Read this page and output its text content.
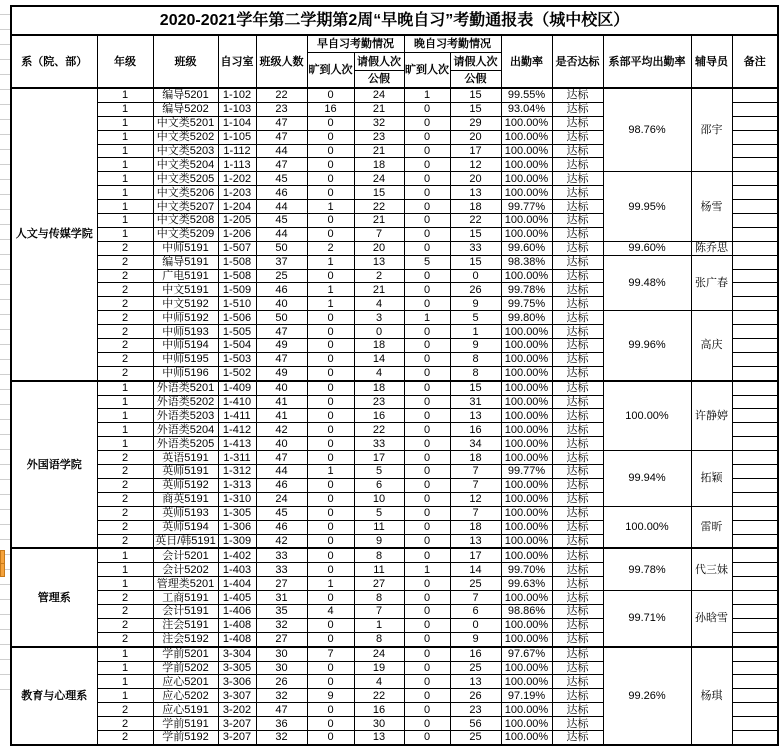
2020-2021学年第二学期第2周“早晚自习”考勤通报表（城中校区）													
系（院、部）	年级	班级	自习室	班级人数	早自习考勤情况		晚自习考勤情况		出勤率	是否达标	系部平均出勤率	辅导员	备注
					旷到人次	请假人次	旷到人次	请假人次					
						公假		公假					
人文与传媒学院	1	编导5201	1-102	22	0	24	1	15	99.55%	达标	98.76%	邵宇	
	1	编导5202	1-103	23	16	21	0	15	93.04%	达标			
	1	中文类5201	1-104	47	0	32	0	29	100.00%	达标			
	1	中文类5202	1-105	47	0	23	0	20	100.00%	达标			
	1	中文类5203	1-112	44	0	21	0	17	100.00%	达标			
	1	中文类5204	1-113	47	0	18	0	12	100.00%	达标			
	1	中文类5205	1-202	45	0	24	0	20	100.00%	达标	99.95%	杨雪	
	1	中文类5206	1-203	46	0	15	0	13	100.00%	达标			
	1	中文类5207	1-204	44	1	22	0	18	99.77%	达标			
	1	中文类5208	1-205	45	0	21	0	22	100.00%	达标			
	1	中文类5209	1-206	44	0	7	0	15	100.00%	达标			
	2	中师5191	1-507	50	2	20	0	33	99.60%	达标	99.60%	陈乔思	
	2	编导5191	1-508	37	1	13	5	15	98.38%	达标	99.48%	张广春	
	2	广电5191	1-508	25	0	2	0	0	100.00%	达标			
	2	中文5191	1-509	46	1	21	0	26	99.78%	达标			
	2	中文5192	1-510	40	1	4	0	9	99.75%	达标			
	2	中师5192	1-506	50	0	3	1	5	99.80%	达标	99.96%	高庆	
	2	中师5193	1-505	47	0	0	0	1	100.00%	达标			
	2	中师5194	1-504	49	0	18	0	9	100.00%	达标			
	2	中师5195	1-503	47	0	14	0	8	100.00%	达标			
	2	中师5196	1-502	49	0	4	0	8	100.00%	达标			
外国语学院	1	外语类5201	1-409	40	0	18	0	15	100.00%	达标	100.00%	许静婷	
	1	外语类5202	1-410	41	0	23	0	31	100.00%	达标			
	1	外语类5203	1-411	41	0	16	0	13	100.00%	达标			
	1	外语类5204	1-412	42	0	22	0	16	100.00%	达标			
	1	外语类5205	1-413	40	0	33	0	34	100.00%	达标			
	2	英语5191	1-311	47	0	17	0	18	100.00%	达标	99.94%	拓颖	
	2	英师5191	1-312	44	1	5	0	7	99.77%	达标			
	2	英师5192	1-313	46	0	6	0	7	100.00%	达标			
	2	商英5191	1-310	24	0	10	0	12	100.00%	达标			
	2	英师5193	1-305	45	0	5	0	7	100.00%	达标	100.00%	雷昕	
	2	英师5194	1-306	46	0	11	0	18	100.00%	达标			
	2	英日/韩5191	1-309	42	0	9	0	13	100.00%	达标			
管理系	1	会计5201	1-402	33	0	8	0	17	100.00%	达标	99.78%	代三妹	
	1	会计5202	1-403	33	0	11	1	14	99.70%	达标			
	1	管理类5201	1-404	27	1	27	0	25	99.63%	达标			
	2	工商5191	1-405	31	0	8	0	7	100.00%	达标	99.71%	孙晗雪	
	2	会计5191	1-406	35	4	7	0	6	98.86%	达标			
	2	注会5191	1-408	32	0	1	0	0	100.00%	达标			
	2	注会5192	1-408	27	0	8	0	9	100.00%	达标			
教育与心理系	1	学前5201	3-304	30	7	24	0	16	97.67%	达标	99.26%	杨琪	
	1	学前5202	3-305	30	0	19	0	25	100.00%	达标			
	1	应心5201	3-306	26	0	4	0	13	100.00%	达标			
	1	应心5202	3-307	32	9	22	0	26	97.19%	达标			
	2	应心5191	3-202	47	0	16	0	23	100.00%	达标			
	2	学前5191	3-207	36	0	30	0	56	100.00%	达标			
	2	学前5192	3-207	32	0	13	0	25	100.00%	达标			
